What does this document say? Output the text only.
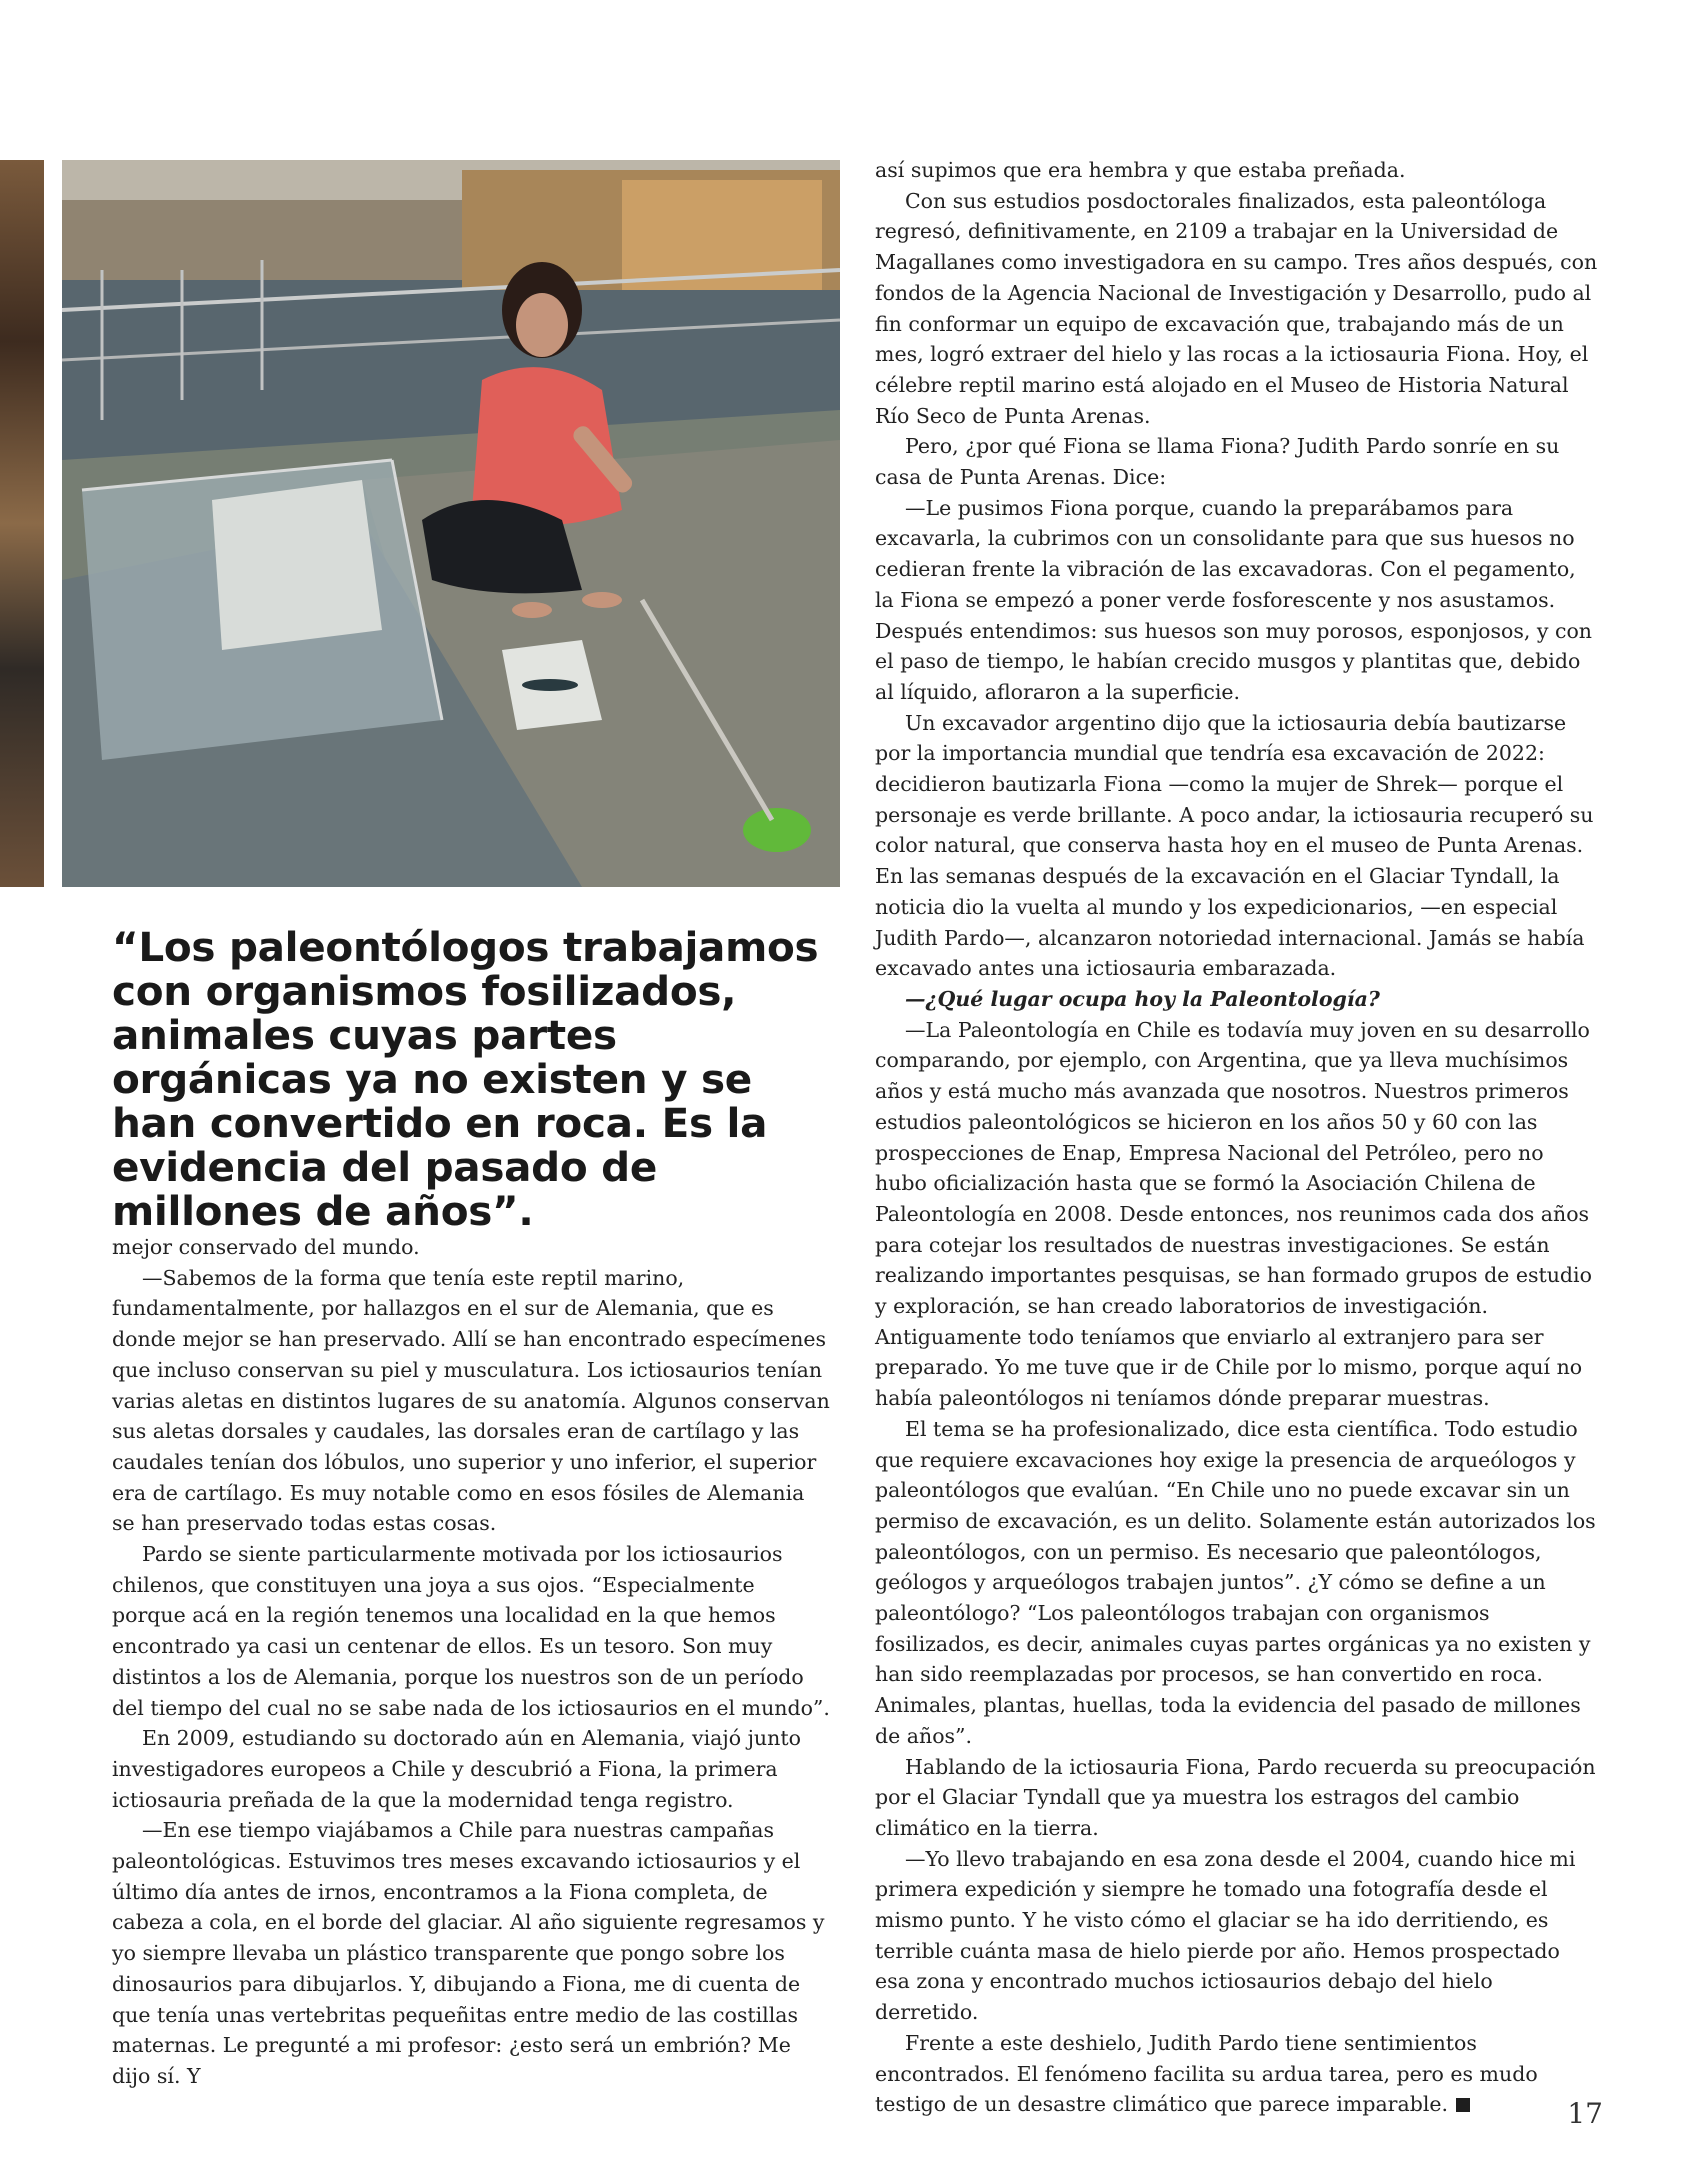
“Los paleontólogos trabajamos con organismos fosilizados, animales cuyas partes orgánicas ya no existen y se han convertido en roca. Es la evidencia del pasado de millones de años”.

mejor conservado del mundo.

—Sabemos de la forma que tenía este reptil marino, fundamentalmente, por hallazgos en el sur de Alemania, que es donde mejor se han preservado. Allí se han encontrado especímenes que incluso conservan su piel y musculatura. Los ictiosaurios tenían varias aletas en distintos lugares de su anatomía. Algunos conservan sus aletas dorsales y caudales, las dorsales eran de cartílago y las caudales tenían dos lóbulos, uno superior y uno inferior, el superior era de cartílago. Es muy notable como en esos fósiles de Alemania se han preservado todas estas cosas.

Pardo se siente particularmente motivada por los ictiosaurios chilenos, que constituyen una joya a sus ojos. “Especialmente porque acá en la región tenemos una localidad en la que hemos encontrado ya casi un centenar de ellos. Es un tesoro. Son muy distintos a los de Alemania, porque los nuestros son de un período del tiempo del cual no se sabe nada de los ictiosaurios en el mundo”.

En 2009, estudiando su doctorado aún en Alemania, viajó junto investigadores europeos a Chile y descubrió a Fiona, la primera ictiosauria preñada de la que la modernidad tenga registro.

—En ese tiempo viajábamos a Chile para nuestras campañas paleontológicas. Estuvimos tres meses excavando ictiosaurios y el último día antes de irnos, encontramos a la Fiona completa, de cabeza a cola, en el borde del glaciar. Al año siguiente regresamos y yo siempre llevaba un plástico transparente que pongo sobre los dinosaurios para dibujarlos. Y, dibujando a Fiona, me di cuenta de que tenía unas vertebritas pequeñitas entre medio de las costillas maternas. Le pregunté a mi profesor: ¿esto será un embrión? Me dijo sí. Y

así supimos que era hembra y que estaba preñada.

Con sus estudios posdoctorales finalizados, esta paleontóloga regresó, definitivamente, en 2109 a trabajar en la Universidad de Magallanes como investigadora en su campo. Tres años después, con fondos de la Agencia Nacional de Investigación y Desarrollo, pudo al fin conformar un equipo de excavación que, trabajando más de un mes, logró extraer del hielo y las rocas a la ictiosauria Fiona. Hoy, el célebre reptil marino está alojado en el Museo de Historia Natural Río Seco de Punta Arenas.

Pero, ¿por qué Fiona se llama Fiona? Judith Pardo sonríe en su casa de Punta Arenas. Dice:

—Le pusimos Fiona porque, cuando la preparábamos para excavarla, la cubrimos con un consolidante para que sus huesos no cedieran frente la vibración de las excavadoras. Con el pegamento, la Fiona se empezó a poner verde fosforescente y nos asustamos. Después entendimos: sus huesos son muy porosos, esponjosos, y con el paso de tiempo, le habían crecido musgos y plantitas que, debido al líquido, afloraron a la superficie.

Un excavador argentino dijo que la ictiosauria debía bautizarse por la importancia mundial que tendría esa excavación de 2022: decidieron bautizarla Fiona —como la mujer de Shrek— porque el personaje es verde brillante. A poco andar, la ictiosauria recuperó su color natural, que conserva hasta hoy en el museo de Punta Arenas. En las semanas después de la excavación en el Glaciar Tyndall, la noticia dio la vuelta al mundo y los expedicionarios, —en especial Judith Pardo—, alcanzaron notoriedad internacional. Jamás se había excavado antes una ictiosauria embarazada.

—¿Qué lugar ocupa hoy la Paleontología?

—La Paleontología en Chile es todavía muy joven en su desarrollo comparando, por ejemplo, con Argentina, que ya lleva muchísimos años y está mucho más avanzada que nosotros. Nuestros primeros estudios paleontológicos se hicieron en los años 50 y 60 con las prospecciones de Enap, Empresa Nacional del Petróleo, pero no hubo oficialización hasta que se formó la Asociación Chilena de Paleontología en 2008. Desde entonces, nos reunimos cada dos años para cotejar los resultados de nuestras investigaciones. Se están realizando importantes pesquisas, se han formado grupos de estudio y exploración, se han creado laboratorios de investigación. Antiguamente todo teníamos que enviarlo al extranjero para ser preparado. Yo me tuve que ir de Chile por lo mismo, porque aquí no había paleontólogos ni teníamos dónde preparar muestras.

El tema se ha profesionalizado, dice esta científica. Todo estudio que requiere excavaciones hoy exige la presencia de arqueólogos y paleontólogos que evalúan. “En Chile uno no puede excavar sin un permiso de excavación, es un delito. Solamente están autorizados los paleontólogos, con un permiso. Es necesario que paleontólogos, geólogos y arqueólogos trabajen juntos”. ¿Y cómo se define a un paleontólogo? “Los paleontólogos trabajan con organismos fosilizados, es decir, animales cuyas partes orgánicas ya no existen y han sido reemplazadas por procesos, se han convertido en roca. Animales, plantas, huellas, toda la evidencia del pasado de millones de años”.

Hablando de la ictiosauria Fiona, Pardo recuerda su preocupación por el Glaciar Tyndall que ya muestra los estragos del cambio climático en la tierra.

—Yo llevo trabajando en esa zona desde el 2004, cuando hice mi primera expedición y siempre he tomado una fotografía desde el mismo punto. Y he visto cómo el glaciar se ha ido derritiendo, es terrible cuánta masa de hielo pierde por año. Hemos prospectado esa zona y encontrado muchos ictiosaurios debajo del hielo derretido.

Frente a este deshielo, Judith Pardo tiene sentimientos encontrados. El fenómeno facilita su ardua tarea, pero es mudo testigo de un desastre climático que parece imparable.	17
